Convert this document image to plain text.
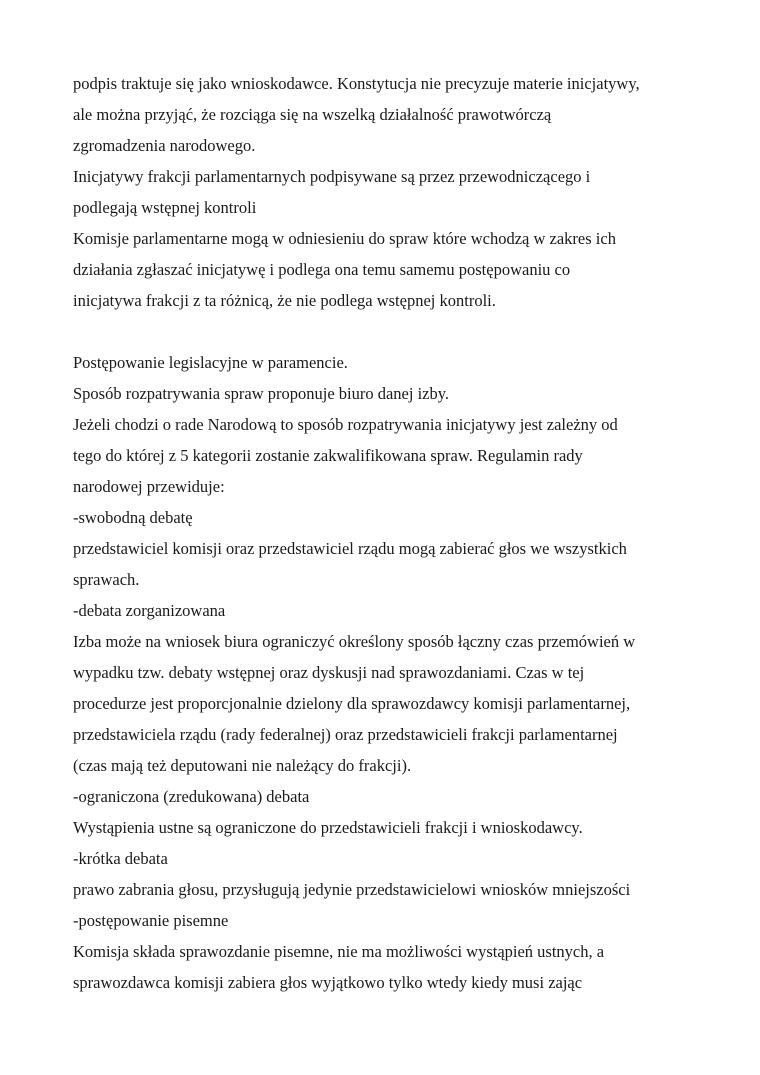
podpis traktuje się jako wnioskodawce. Konstytucja nie precyzuje materie inicjatywy,
ale można przyjąć, że rozciąga się na wszelką działalność prawotwórczą
zgromadzenia narodowego.
Inicjatywy frakcji parlamentarnych podpisywane są przez przewodniczącego i
podlegają wstępnej kontroli
Komisje parlamentarne mogą w odniesieniu do spraw które wchodzą w zakres ich
działania zgłaszać inicjatywę i podlega ona temu samemu postępowaniu co
inicjatywa frakcji z ta różnicą, że nie podlega wstępnej kontroli.
Postępowanie legislacyjne w paramencie.
Sposób rozpatrywania spraw proponuje biuro danej izby.
Jeżeli chodzi o rade Narodową to sposób rozpatrywania inicjatywy jest zależny od
tego do której z 5 kategorii zostanie zakwalifikowana spraw. Regulamin rady
narodowej przewiduje:
-swobodną debatę
przedstawiciel komisji oraz przedstawiciel rządu mogą zabierać głos we wszystkich
sprawach.
-debata zorganizowana
Izba może na wniosek biura ograniczyć określony sposób łączny czas przemówień w
wypadku tzw. debaty wstępnej oraz dyskusji nad sprawozdaniami. Czas w tej
procedurze jest proporcjonalnie dzielony dla sprawozdawcy komisji parlamentarnej,
przedstawiciela rządu (rady federalnej) oraz przedstawicieli frakcji parlamentarnej
(czas mają też deputowani nie należący do frakcji).
-ograniczona (zredukowana) debata
Wystąpienia ustne są ograniczone do przedstawicieli frakcji i wnioskodawcy.
-krótka debata
prawo zabrania głosu, przysługują jedynie przedstawicielowi wniosków mniejszości
-postępowanie pisemne
Komisja składa sprawozdanie pisemne, nie ma możliwości wystąpień ustnych, a
sprawozdawca komisji zabiera głos wyjątkowo tylko wtedy kiedy musi zając
